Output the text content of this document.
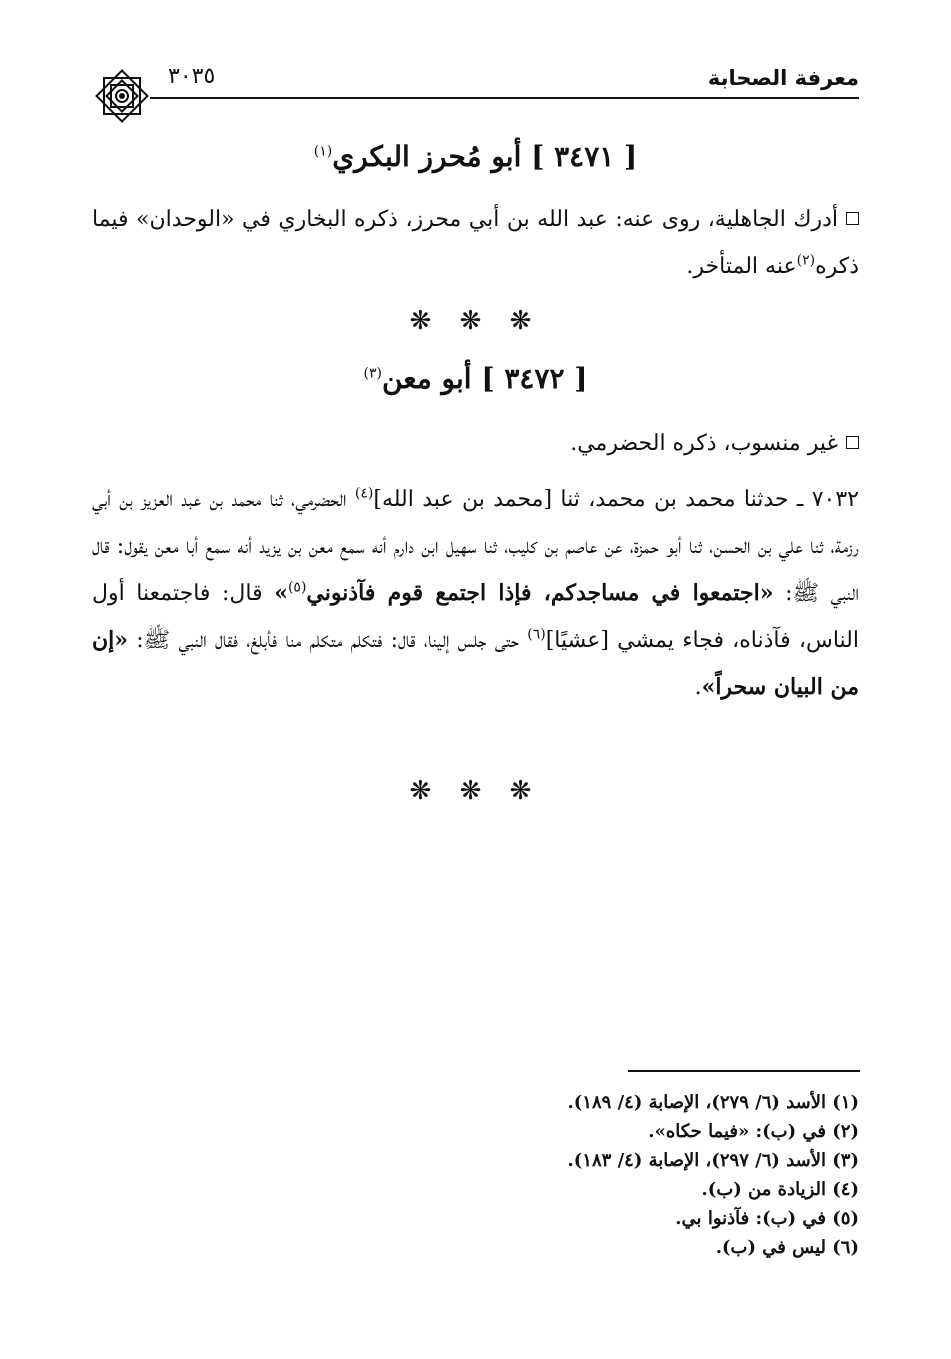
معرفة الصحابة
٣٠٣٥
[ ٣٤٧١ ] أبو مُحرز البكري$^{(١)}$
أدرك الجاهلية، روى عنه: عبد الله بن أبي محرز، ذكره البخاري في «الوحدان» فيما ذكره$^{(٢)}$عنه المتأخر.
❋ ❋ ❋
[ ٣٤٧٢ ] أبو معن$^{(٣)}$
غير منسوب، ذكره الحضرمي.
٧٠٣٢ ـ حدثنا محمد بن محمد، ثنا [محمد بن عبد الله]$^{(٤)}$ الحضرمي، ثنا محمد بن عبد العزيز بن أبي رزمة، ثنا علي بن الحسن، ثنا أبو حمزة، عن عاصم بن كليب، ثنا سهيل ابن دارم أنه سمع معن بن يزيد أنه سمع أبا معن يقول: قال النبي ﷺ: «اجتمعوا في مساجدكم، فإذا اجتمع قوم فآذنوني$^{(٥)}$» قال: فاجتمعنا أول الناس، فآذناه، فجاء يمشي [عشيًا]$^{(٦)}$ حتى جلس إلينا، قال: فتكلم متكلم منا فأبلغ، فقال النبي ﷺ: «إن من البيان سحراً».
❋ ❋ ❋
(١) الأسد (٦/ ٢٧٩)، الإصابة (٤/ ١٨٩).
(٢) في (ب): «فيما حكاه».
(٣) الأسد (٦/ ٢٩٧)، الإصابة (٤/ ١٨٣).
(٤) الزيادة من (ب).
(٥) في (ب): فآذنوا بي.
(٦) ليس في (ب).
